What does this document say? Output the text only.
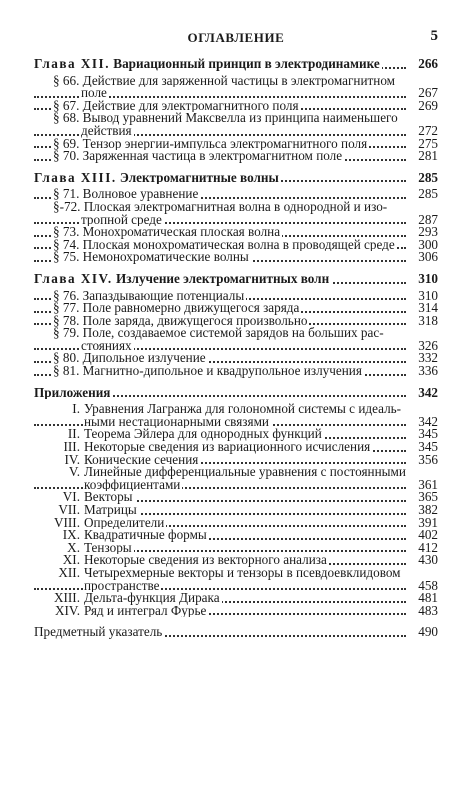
ОГЛАВЛЕНИЕ	5
Глава XII. Вариационный принцип в электродинамике	266
§ 66. Действие для заряженной частицы в электромагнитном
поле	267
§ 67. Действие для электромагнитного поля	269
§ 68. Вывод уравнений Максвелла из принципа наименьшего
действия	272
§ 69. Тензор энергии-импульса электромагнитного поля	275
§ 70. Заряженная частица в электромагнитном поле	281
Глава XIII. Электромагнитные волны	285
§ 71. Волновое уравнение	285
§-72. Плоская электромагнитная волна в однородной и изо-
тропной среде	287
§ 73. Монохроматическая плоская волна	293
§ 74. Плоская монохроматическая волна в проводящей среде	300
§ 75. Немонохроматические волны	306
Глава XIV. Излучение электромагнитных волн	310
§ 76. Запаздывающие потенциалы	310
§ 77. Поле равномерно движущегося заряда	314
§ 78. Поле заряда, движущегося произвольно	318
§ 79. Поле, создаваемое системой зарядов на больших рас-
стояниях	326
§ 80. Дипольное излучение	332
§ 81. Магнитно-дипольное и квадрупольное излучения	336
Приложения	342
I. Уравнения Лагранжа для голономной системы с идеаль-
ными нестационарными связями	342
II. Теорема Эйлера для однородных функций	345
III. Некоторые сведения из вариационного исчисления	345
IV. Конические сечения	356
V. Линейные дифференциальные уравнения с постоянными
коэффициентами	361
VI. Векторы	365
VII. Матрицы	382
VIII. Определители	391
IX. Квадратичные формы	402
X. Тензоры	412
XI. Некоторые сведения из векторного анализа	430
XII. Четырехмерные векторы и тензоры в псевдоевклидовом
пространстве	458
XIII. Дельта-функция Дирака	481
XIV. Ряд и интеграл Фурье	483
Предметный указатель	490
